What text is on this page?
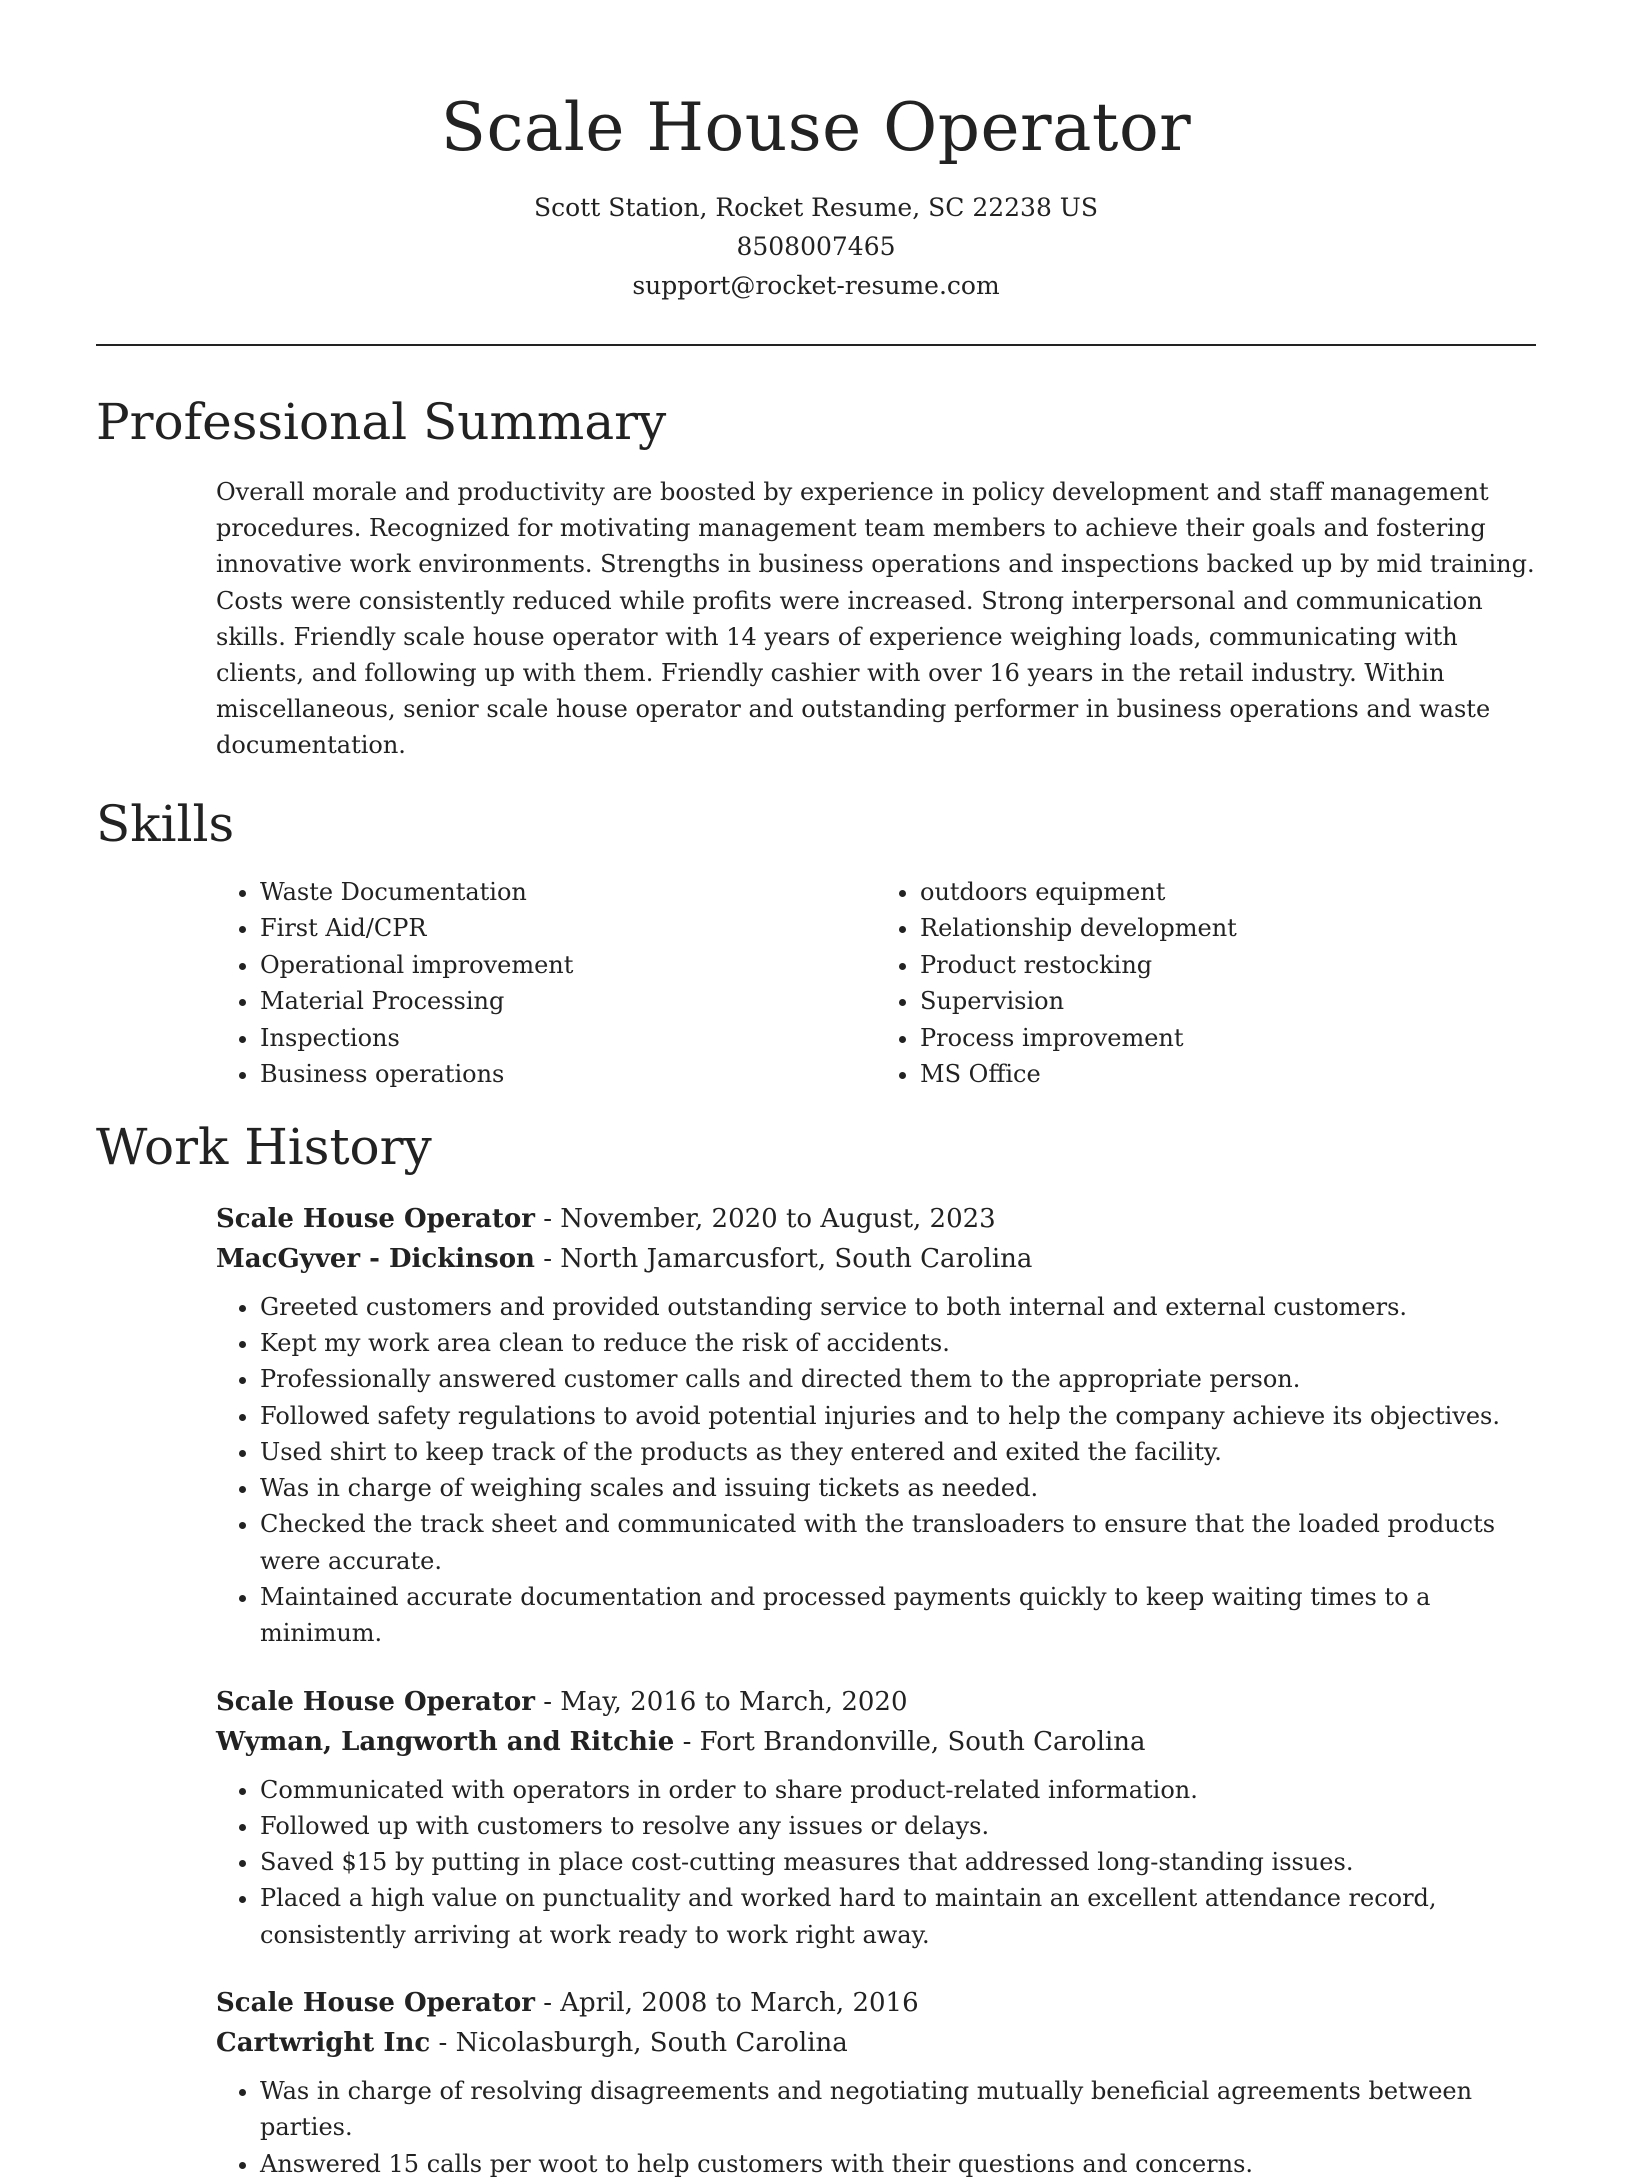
Scale House Operator
Scott Station, Rocket Resume, SC 22238 US
8508007465
support@rocket-resume.com
Professional Summary

Overall morale and productivity are boosted by experience in policy development and staff management procedures. Recognized for motivating management team members to achieve their goals and fostering innovative work environments. Strengths in business operations and inspections backed up by mid training. Costs were consistently reduced while profits were increased. Strong interpersonal and communication skills. Friendly scale house operator with 14 years of experience weighing loads, communicating with clients, and following up with them. Friendly cashier with over 16 years in the retail industry. Within miscellaneous, senior scale house operator and outstanding performer in business operations and waste documentation.

Skills
• Waste Documentation
• First Aid/CPR
• Operational improvement
• Material Processing
• Inspections
• Business operations
• outdoors equipment
• Relationship development
• Product restocking
• Supervision
• Process improvement
• MS Office
Work History
Scale House Operator - November, 2020 to August, 2023
MacGyver - Dickinson - North Jamarcusfort, South Carolina
• Greeted customers and provided outstanding service to both internal and external customers.
• Kept my work area clean to reduce the risk of accidents.
• Professionally answered customer calls and directed them to the appropriate person.
• Followed safety regulations to avoid potential injuries and to help the company achieve its objectives.
• Used shirt to keep track of the products as they entered and exited the facility.
• Was in charge of weighing scales and issuing tickets as needed.
• Checked the track sheet and communicated with the transloaders to ensure that the loaded products were accurate.
• Maintained accurate documentation and processed payments quickly to keep waiting times to a minimum.
Scale House Operator - May, 2016 to March, 2020
Wyman, Langworth and Ritchie - Fort Brandonville, South Carolina
• Communicated with operators in order to share product-related information.
• Followed up with customers to resolve any issues or delays.
• Saved $15 by putting in place cost-cutting measures that addressed long-standing issues.
• Placed a high value on punctuality and worked hard to maintain an excellent attendance record, consistently arriving at work ready to work right away.
Scale House Operator - April, 2008 to March, 2016
Cartwright Inc - Nicolasburgh, South Carolina
• Was in charge of resolving disagreements and negotiating mutually beneficial agreements between parties.
• Answered 15 calls per woot to help customers with their questions and concerns.
